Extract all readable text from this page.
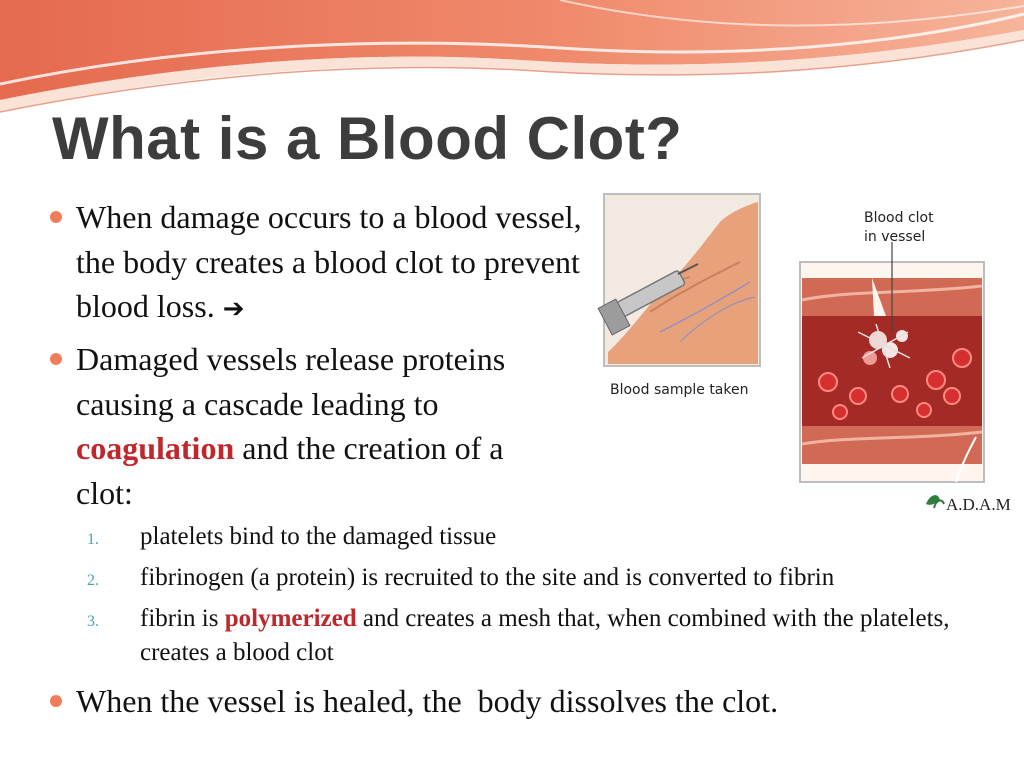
What is a Blood Clot?
When damage occurs to a blood vessel, the body creates a blood clot to prevent blood loss. ➔
Damaged vessels release proteins causing a cascade leading to coagulation and the creation of a clot:
1. platelets bind to the damaged tissue
2. fibrinogen (a protein) is recruited to the site and is converted to fibrin
3. fibrin is polymerized and creates a mesh that, when combined with the platelets, creates a blood clot
When the vessel is healed, the  body dissolves the clot.
Blood sample taken
Blood clot
in vessel
A.D.A.M.
